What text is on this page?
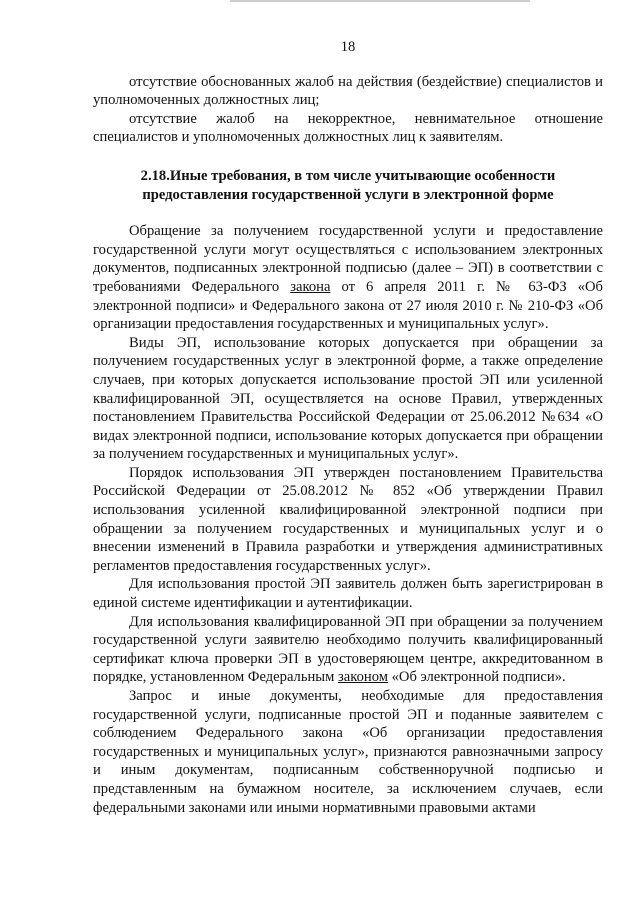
18

отсутствие обоснованных жалоб на действия (бездействие) специалистов и уполномоченных должностных лиц;

отсутствие жалоб на некорректное, невнимательное отношение специалистов и уполномоченных должностных лиц к заявителям.

2.18.Иные требования, в том числе учитывающие особенности предоставления государственной услуги в электронной форме

Обращение за получением государственной услуги и предоставление государственной услуги могут осуществляться с использованием электронных документов, подписанных электронной подписью (далее – ЭП) в соответствии с требованиями Федерального закона от 6 апреля 2011 г. № 63-ФЗ «Об электронной подписи» и Федерального закона от 27 июля 2010 г. № 210-ФЗ «Об организации предоставления государственных и муниципальных услуг».

Виды ЭП, использование которых допускается при обращении за получением государственных услуг в электронной форме, а также определение случаев, при которых допускается использование простой ЭП или усиленной квалифицированной ЭП, осуществляется на основе Правил, утвержденных постановлением Правительства Российской Федерации от 25.06.2012 №634 «О видах электронной подписи, использование которых допускается при обращении за получением государственных и муниципальных услуг».

Порядок использования ЭП утвержден постановлением Правительства Российской Федерации от 25.08.2012 № 852 «Об утверждении Правил использования усиленной квалифицированной электронной подписи при обращении за получением государственных и муниципальных услуг и о внесении изменений в Правила разработки и утверждения административных регламентов предоставления государственных услуг».

Для использования простой ЭП заявитель должен быть зарегистрирован в единой системе идентификации и аутентификации.

Для использования квалифицированной ЭП при обращении за получением государственной услуги заявителю необходимо получить квалифицированный сертификат ключа проверки ЭП в удостоверяющем центре, аккредитованном в порядке, установленном Федеральным законом «Об электронной подписи».

Запрос и иные документы, необходимые для предоставления государственной услуги, подписанные простой ЭП и поданные заявителем с соблюдением Федерального закона «Об организации предоставления государственных и муниципальных услуг», признаются равнозначными запросу и иным документам, подписанным собственноручной подписью и представленным на бумажном носителе, за исключением случаев, если федеральными законами или иными нормативными правовыми актами
